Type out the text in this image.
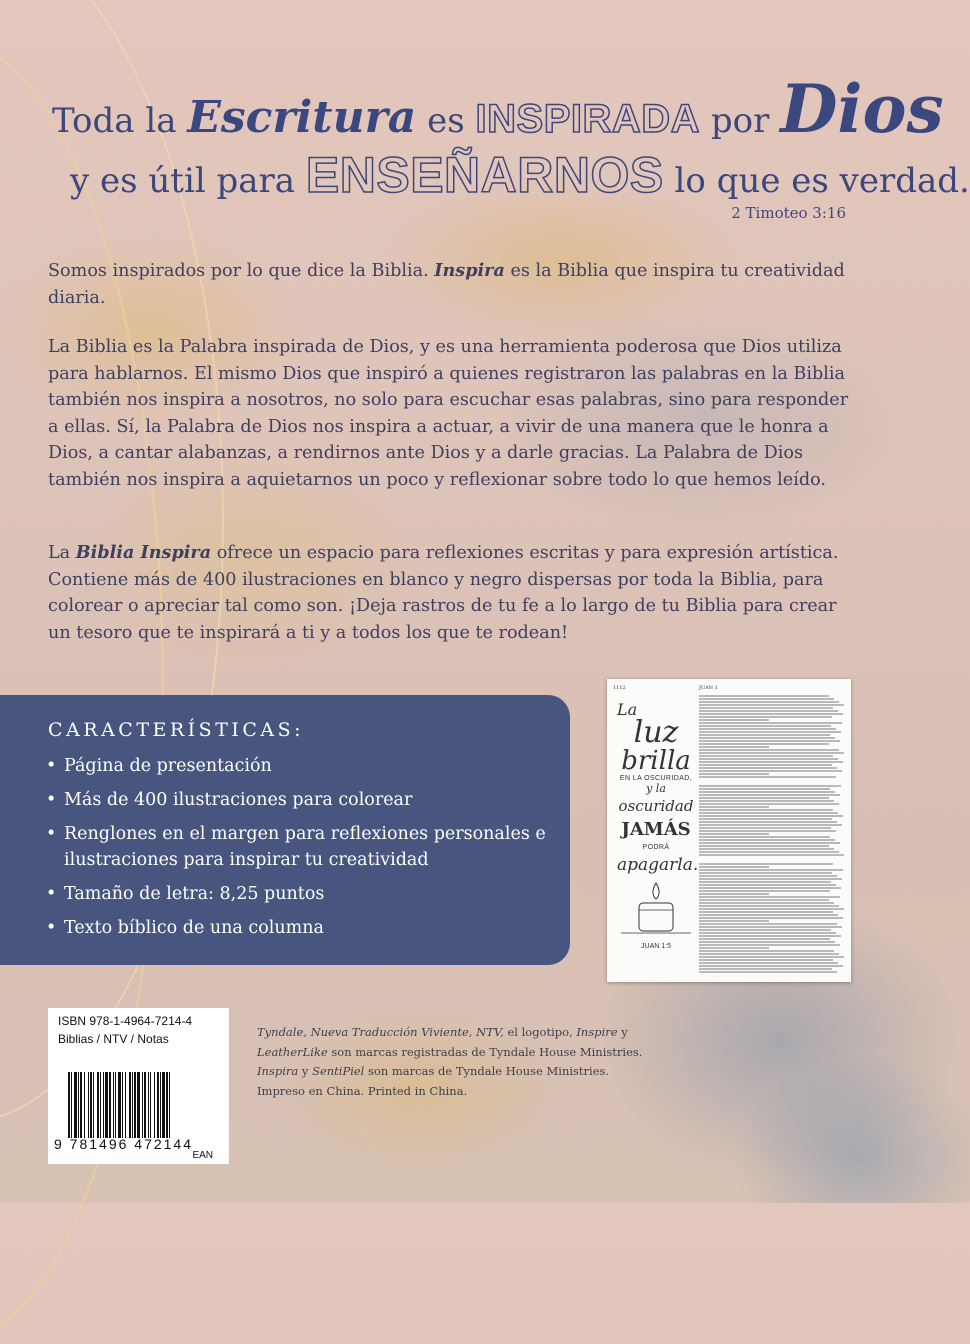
Toda la Escritura es INSPIRADA por Dios
y es útil para ENSEÑARNOS lo que es verdad.
2 Timoteo 3:16
Somos inspirados por lo que dice la Biblia. Inspira es la Biblia que inspira tu creatividad diaria.
La Biblia es la Palabra inspirada de Dios, y es una herramienta poderosa que Dios utiliza para hablarnos. El mismo Dios que inspiró a quienes registraron las palabras en la Biblia también nos inspira a nosotros, no solo para escuchar esas palabras, sino para responder a ellas. Sí, la Palabra de Dios nos inspira a actuar, a vivir de una manera que le honra a Dios, a cantar alabanzas, a rendirnos ante Dios y a darle gracias. La Palabra de Dios también nos inspira a aquietarnos un poco y reflexionar sobre todo lo que hemos leído.
La Biblia Inspira ofrece un espacio para reflexiones escritas y para expresión artística. Contiene más de 400 ilustraciones en blanco y negro dispersas por toda la Biblia, para colorear o apreciar tal como son. ¡Deja rastros de tu fe a lo largo de tu Biblia para crear un tesoro que te inspirará a ti y a todos los que te rodean!
CARACTERÍSTICAS:
• Página de presentación
• Más de 400 ilustraciones para colorear
• Renglones en el margen para reflexiones personales e ilustraciones para inspirar tu creatividad
• Tamaño de letra: 8,25 puntos
• Texto bíblico de una columna
1112	JUAN 1
La
luz
brilla
EN LA OSCURIDAD,
y la
oscuridad
JAMÁS
PODRÁ
apagarla.
JUAN 1:5
ISBN 978-1-4964-7214-4
Biblias / NTV / Notas
9 781496 472144
EAN
Tyndale, Nueva Traducción Viviente, NTV, el logotipo, Inspire y
LeatherLike son marcas registradas de Tyndale House Ministries.
Inspira y SentiPiel son marcas de Tyndale House Ministries.
Impreso en China. Printed in China.
